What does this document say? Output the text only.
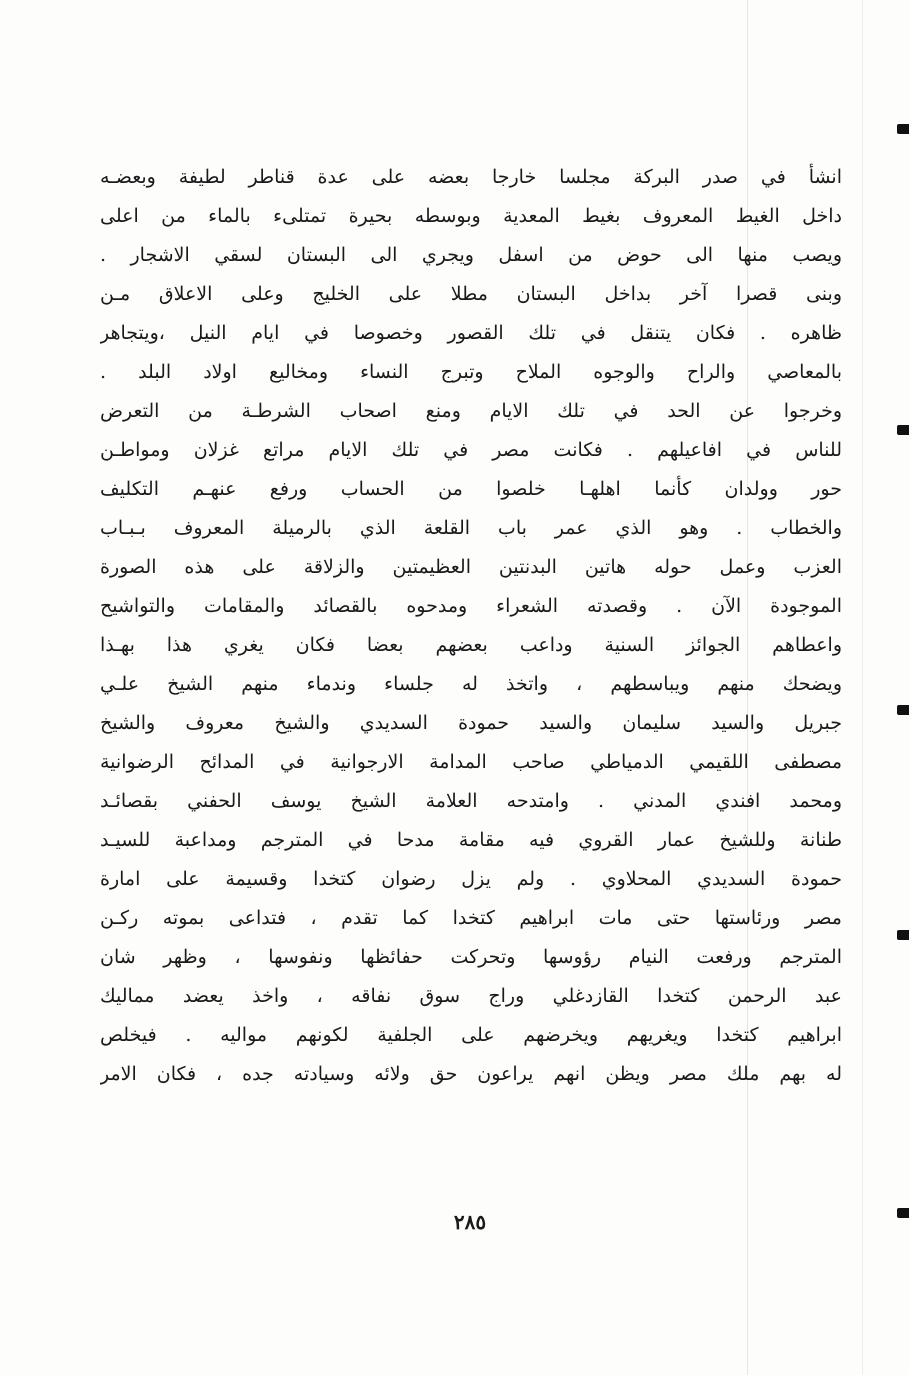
انشأ في صدر البركة مجلسا خارجا بعضه على عدة قناطر لطيفة وبعضـه
داخل الغيط المعروف بغيط المعدية وبوسطه بحيرة تمتلىء بالماء من اعلى
ويصب منها الى حوض من اسفل ويجري الى البستان لسقي الاشجار .
وبنى قصرا آخر بداخل البستان مطلا على الخليج وعلى الاعلاق مـن
ظاهره . فكان يتنقل في تلك القصور وخصوصا في ايام النيل ،ويتجاهر
بالمعاصي والراح والوجوه الملاح وتبرج النساء ومخاليع اولاد البلد .
وخرجوا عن الحد في تلك الايام ومنع اصحاب الشرطـة من التعرض
للناس في افاعيلهم . فكانت مصر في تلك الايام مراتع غزلان ومواطـن
حور وولدان كأنما اهلهـا خلصوا من الحساب ورفع عنهـم التكليف
والخطاب . وهو الذي عمر باب القلعة الذي بالرميلة المعروف بـبـاب
العزب وعمل حوله هاتين البدنتين العظيمتين والزلاقة على هذه الصورة
الموجودة الآن . وقصدته الشعراء ومدحوه بالقصائد والمقامات والتواشيح
واعطاهم الجوائز السنية وداعب بعضهم بعضا فكان يغري هذا بهـذا
ويضحك منهم ويباسطهم ، واتخذ له جلساء وندماء منهم الشيخ علـي
جبريل والسيد سليمان والسيد حمودة السديدي والشيخ معروف والشيخ
مصطفى اللقيمي الدمياطي صاحب المدامة الارجوانية في المدائح الرضوانية
ومحمد افندي المدني . وامتدحه العلامة الشيخ يوسف الحفني بقصائـد
طنانة وللشيخ عمار القروي فيه مقامة مدحا في المترجم ومداعبة للسيـد
حمودة السديدي المحلاوي . ولم يزل رضوان كتخدا وقسيمة على امارة
مصر ورئاستها حتى مات ابراهيم كتخدا كما تقدم ، فتداعى بموته ركـن
المترجم ورفعت النيام رؤوسها وتحركت حفائظها ونفوسها ، وظهر شان
عبد الرحمن كتخدا القازدغلي وراج سوق نفاقه ، واخذ يعضد مماليك
ابراهيم كتخدا ويغريهم ويخرضهم على الجلفية لكونهم مواليه . فيخلص
له بهم ملك مصر ويظن انهم يراعون حق ولائه وسيادته جده ، فكان الامر
٢٨٥
